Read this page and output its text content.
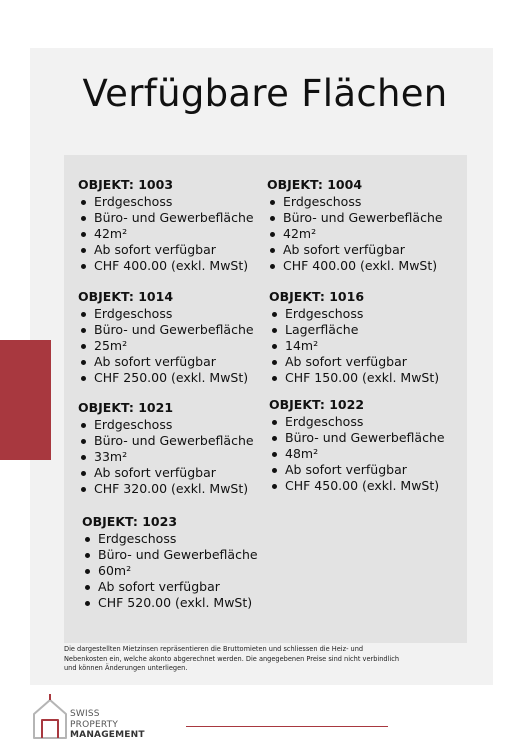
Verfügbare Flächen
OBJEKT: 1003
Erdgeschoss
Büro- und Gewerbefläche
42m²
Ab sofort verfügbar
CHF 400.00 (exkl. MwSt)
OBJEKT: 1004
Erdgeschoss
Büro- und Gewerbefläche
42m²
Ab sofort verfügbar
CHF 400.00 (exkl. MwSt)
OBJEKT: 1014
Erdgeschoss
Büro- und Gewerbefläche
25m²
Ab sofort verfügbar
CHF 250.00 (exkl. MwSt)
OBJEKT: 1016
Erdgeschoss
Lagerfläche
14m²
Ab sofort verfügbar
CHF 150.00 (exkl. MwSt)
OBJEKT: 1021
Erdgeschoss
Büro- und Gewerbefläche
33m²
Ab sofort verfügbar
CHF 320.00 (exkl. MwSt)
OBJEKT: 1022
Erdgeschoss
Büro- und Gewerbefläche
48m²
Ab sofort verfügbar
CHF 450.00 (exkl. MwSt)
OBJEKT: 1023
Erdgeschoss
Büro- und Gewerbefläche
60m²
Ab sofort verfügbar
CHF 520.00 (exkl. MwSt)
Die dargestellten Mietzinsen repräsentieren die Bruttomieten und schliessen die Heiz- und
Nebenkosten ein, welche akonto abgerechnet werden. Die angegebenen Preise sind nicht verbindlich
und können Änderungen unterliegen.
SWISS
PROPERTY
MANAGEMENT
